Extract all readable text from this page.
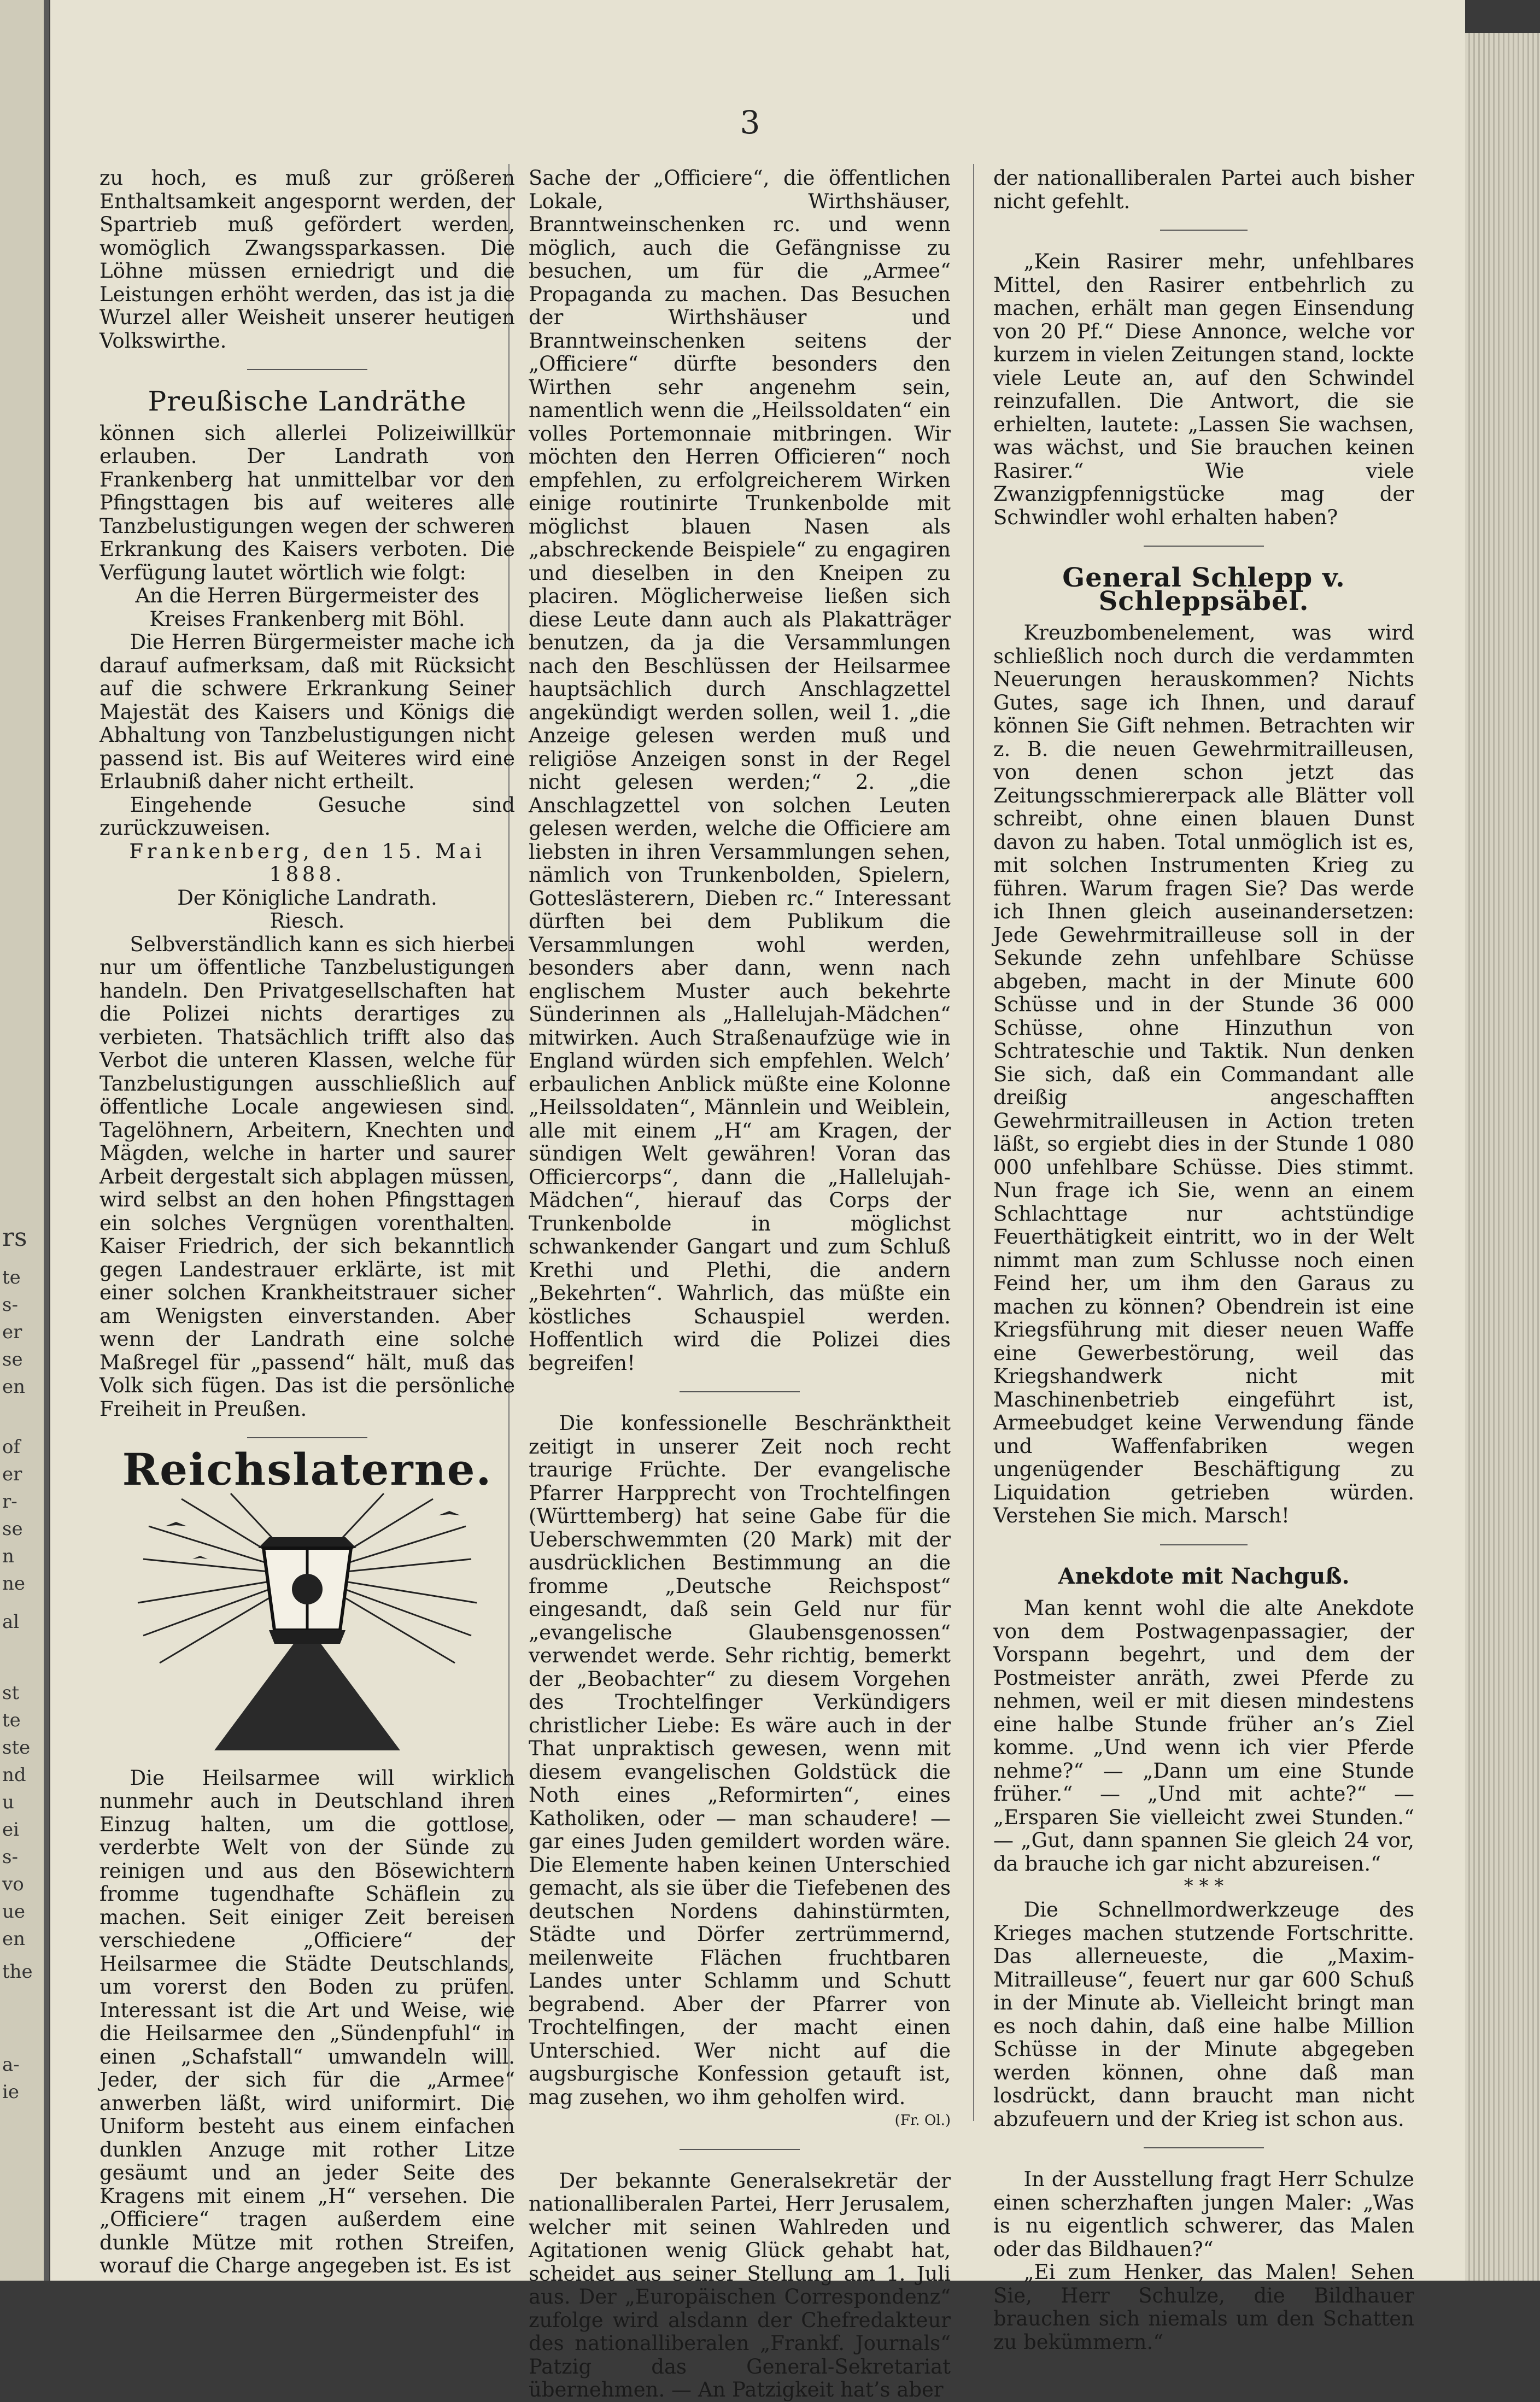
rs
te
s-
er
se
en
of
er
r-
se
n
ne
al
st
te
ste
nd
u
ei
s-
vo
ue
en
the
a-
ie
3

zu hoch, es muß zur größeren Enthaltsamkeit angespornt werden, der Spartrieb muß gefördert werden, womöglich Zwangssparkassen. Die Löhne müssen erniedrigt und die Leistungen erhöht werden, das ist ja die Wurzel aller Weisheit unserer heutigen Volkswirthe.

Preußische Landräthe

können sich allerlei Polizeiwillkür erlauben. Der Landrath von Frankenberg hat unmittelbar vor den Pfingsttagen bis auf weiteres alle Tanzbelustigungen wegen der schweren Erkrankung des Kaisers verboten. Die Verfügung lautet wörtlich wie folgt:

An die Herren Bürgermeister des Kreises Frankenberg mit Böhl.

Die Herren Bürgermeister mache ich darauf aufmerksam, daß mit Rücksicht auf die schwere Erkrankung Seiner Majestät des Kaisers und Königs die Abhaltung von Tanzbelustigungen nicht passend ist. Bis auf Weiteres wird eine Erlaubniß daher nicht ertheilt.

Eingehende Gesuche sind zurückzuweisen.

Frankenberg, den 15. Mai 1888.

Der Königliche Landrath.

Riesch.

Selbverständlich kann es sich hierbei nur um öffentliche Tanzbelustigungen handeln. Den Privatgesellschaften hat die Polizei nichts derartiges zu verbieten. Thatsächlich trifft also das Verbot die unteren Klassen, welche für Tanzbelustigungen ausschließlich auf öffentliche Locale angewiesen sind. Tagelöhnern, Arbeitern, Knechten und Mägden, welche in harter und saurer Arbeit dergestalt sich abplagen müssen, wird selbst an den hohen Pfingsttagen ein solches Vergnügen vorenthalten. Kaiser Friedrich, der sich bekanntlich gegen Landestrauer erklärte, ist mit einer solchen Krankheitstrauer sicher am Wenigsten einverstanden. Aber wenn der Landrath eine solche Maßregel für „passend“ hält, muß das Volk sich fügen. Das ist die persönliche Freiheit in Preußen.

Reichslaterne.

Die Heilsarmee will wirklich nunmehr auch in Deutschland ihren Einzug halten, um die gottlose, verderbte Welt von der Sünde zu reinigen und aus den Bösewichtern fromme tugendhafte Schäflein zu machen. Seit einiger Zeit bereisen verschiedene „Officiere“ der Heilsarmee die Städte Deutschlands, um vorerst den Boden zu prüfen. Interessant ist die Art und Weise, wie die Heilsarmee den „Sündenpfuhl“ in einen „Schafstall“ umwandeln will. Jeder, der sich für die „Armee“ anwerben läßt, wird uniformirt. Die Uniform besteht aus einem einfachen dunklen Anzuge mit rother Litze gesäumt und an jeder Seite des Kragens mit einem „H“ versehen. Die „Officiere“ tragen außerdem eine dunkle Mütze mit rothen Streifen, worauf die Charge angegeben ist. Es ist

Sache der „Officiere“, die öffentlichen Lokale, Wirthshäuser, Branntweinschenken rc. und wenn möglich, auch die Gefängnisse zu besuchen, um für die „Armee“ Propaganda zu machen. Das Besuchen der Wirthshäuser und Branntweinschenken seitens der „Officiere“ dürfte besonders den Wirthen sehr angenehm sein, namentlich wenn die „Heilssoldaten“ ein volles Portemonnaie mitbringen. Wir möchten den Herren Officieren“ noch empfehlen, zu erfolgreicherem Wirken einige routinirte Trunkenbolde mit möglichst blauen Nasen als „abschreckende Beispiele“ zu engagiren und dieselben in den Kneipen zu placiren. Möglicherweise ließen sich diese Leute dann auch als Plakatträger benutzen, da ja die Versammlungen nach den Beschlüssen der Heilsarmee hauptsächlich durch Anschlagzettel angekündigt werden sollen, weil 1. „die Anzeige gelesen werden muß und religiöse Anzeigen sonst in der Regel nicht gelesen werden;“ 2. „die Anschlagzettel von solchen Leuten gelesen werden, welche die Officiere am liebsten in ihren Versammlungen sehen, nämlich von Trunkenbolden, Spielern, Gotteslästerern, Dieben rc.“ Interessant dürften bei dem Publikum die Versammlungen wohl werden, besonders aber dann, wenn nach englischem Muster auch bekehrte Sünderinnen als „Hallelujah-Mädchen“ mitwirken. Auch Straßenaufzüge wie in England würden sich empfehlen. Welch’ erbaulichen Anblick müßte eine Kolonne „Heilssoldaten“, Männlein und Weiblein, alle mit einem „H“ am Kragen, der sündigen Welt gewähren! Voran das Officiercorps“, dann die „Hallelujah-Mädchen“, hierauf das Corps der Trunkenbolde in möglichst schwankender Gangart und zum Schluß Krethi und Plethi, die andern „Bekehrten“. Wahrlich, das müßte ein köstliches Schauspiel werden. Hoffentlich wird die Polizei dies begreifen!

Die konfessionelle Beschränktheit zeitigt in unserer Zeit noch recht traurige Früchte. Der evangelische Pfarrer Harpprecht von Trochtelfingen (Württemberg) hat seine Gabe für die Ueberschwemmten (20 Mark) mit der ausdrücklichen Bestimmung an die fromme „Deutsche Reichspost“ eingesandt, daß sein Geld nur für „evangelische Glaubensgenossen“ verwendet werde. Sehr richtig, bemerkt der „Beobachter“ zu diesem Vorgehen des Trochtelfinger Verkündigers christlicher Liebe: Es wäre auch in der That unpraktisch gewesen, wenn mit diesem evangelischen Goldstück die Noth eines „Reformirten“, eines Katholiken, oder — man schaudere! — gar eines Juden gemildert worden wäre. Die Elemente haben keinen Unterschied gemacht, als sie über die Tiefebenen des deutschen Nordens dahinstürmten, Städte und Dörfer zertrümmernd, meilenweite Flächen fruchtbaren Landes unter Schlamm und Schutt begrabend. Aber der Pfarrer von Trochtelfingen, der macht einen Unterschied. Wer nicht auf die augsburgische Konfession getauft ist, mag zusehen, wo ihm geholfen wird.

(Fr. Ol.)

Der bekannte Generalsekretär der nationalliberalen Partei, Herr Jerusalem, welcher mit seinen Wahlreden und Agitationen wenig Glück gehabt hat, scheidet aus seiner Stellung am 1. Juli aus. Der „Europäischen Correspondenz“ zufolge wird alsdann der Chefredakteur des nationalliberalen „Frankf. Journals“ Patzig das General-Sekretariat übernehmen. — An Patzigkeit hat’s aber

der nationalliberalen Partei auch bisher nicht gefehlt.

„Kein Rasirer mehr, unfehlbares Mittel, den Rasirer entbehrlich zu machen, erhält man gegen Einsendung von 20 Pf.“ Diese Annonce, welche vor kurzem in vielen Zeitungen stand, lockte viele Leute an, auf den Schwindel reinzufallen. Die Antwort, die sie erhielten, lautete: „Lassen Sie wachsen, was wächst, und Sie brauchen keinen Rasirer.“ Wie viele Zwanzigpfennigstücke mag der Schwindler wohl erhalten haben?

General Schlepp v. Schleppsäbel.

Kreuzbombenelement, was wird schließlich noch durch die verdammten Neuerungen herauskommen? Nichts Gutes, sage ich Ihnen, und darauf können Sie Gift nehmen. Betrachten wir z. B. die neuen Gewehrmitrailleusen, von denen schon jetzt das Zeitungsschmiererpack alle Blätter voll schreibt, ohne einen blauen Dunst davon zu haben. Total unmöglich ist es, mit solchen Instrumenten Krieg zu führen. Warum fragen Sie? Das werde ich Ihnen gleich auseinandersetzen: Jede Gewehrmitrailleuse soll in der Sekunde zehn unfehlbare Schüsse abgeben, macht in der Minute 600 Schüsse und in der Stunde 36 000 Schüsse, ohne Hinzuthun von Schtrateschie und Taktik. Nun denken Sie sich, daß ein Commandant alle dreißig angeschafften Gewehrmitrailleusen in Action treten läßt, so ergiebt dies in der Stunde 1 080 000 unfehlbare Schüsse. Dies stimmt. Nun frage ich Sie, wenn an einem Schlachttage nur achtstündige Feuerthätigkeit eintritt, wo in der Welt nimmt man zum Schlusse noch einen Feind her, um ihm den Garaus zu machen zu können? Obendrein ist eine Kriegsführung mit dieser neuen Waffe eine Gewerbestörung, weil das Kriegshandwerk nicht mit Maschinenbetrieb eingeführt ist, Armeebudget keine Verwendung fände und Waffenfabriken wegen ungenügender Beschäftigung zu Liquidation getrieben würden. Verstehen Sie mich. Marsch!

Anekdote mit Nachguß.

Man kennt wohl die alte Anekdote von dem Postwagenpassagier, der Vorspann begehrt, und dem der Postmeister anräth, zwei Pferde zu nehmen, weil er mit diesen mindestens eine halbe Stunde früher an’s Ziel komme. „Und wenn ich vier Pferde nehme?“ — „Dann um eine Stunde früher.“ — „Und mit achte?“ — „Ersparen Sie vielleicht zwei Stunden.“ — „Gut, dann spannen Sie gleich 24 vor, da brauche ich gar nicht abzureisen.“

* * *

Die Schnellmordwerkzeuge des Krieges machen stutzende Fortschritte. Das allerneueste, die „Maxim-Mitrailleuse“, feuert nur gar 600 Schuß in der Minute ab. Vielleicht bringt man es noch dahin, daß eine halbe Million Schüsse in der Minute abgegeben werden können, ohne daß man losdrückt, dann braucht man nicht abzufeuern und der Krieg ist schon aus.

In der Ausstellung fragt Herr Schulze einen scherzhaften jungen Maler: „Was is nu eigentlich schwerer, das Malen oder das Bildhauen?“

„Ei zum Henker, das Malen! Sehen Sie, Herr Schulze, die Bildhauer brauchen sich niemals um den Schatten zu bekümmern.“
